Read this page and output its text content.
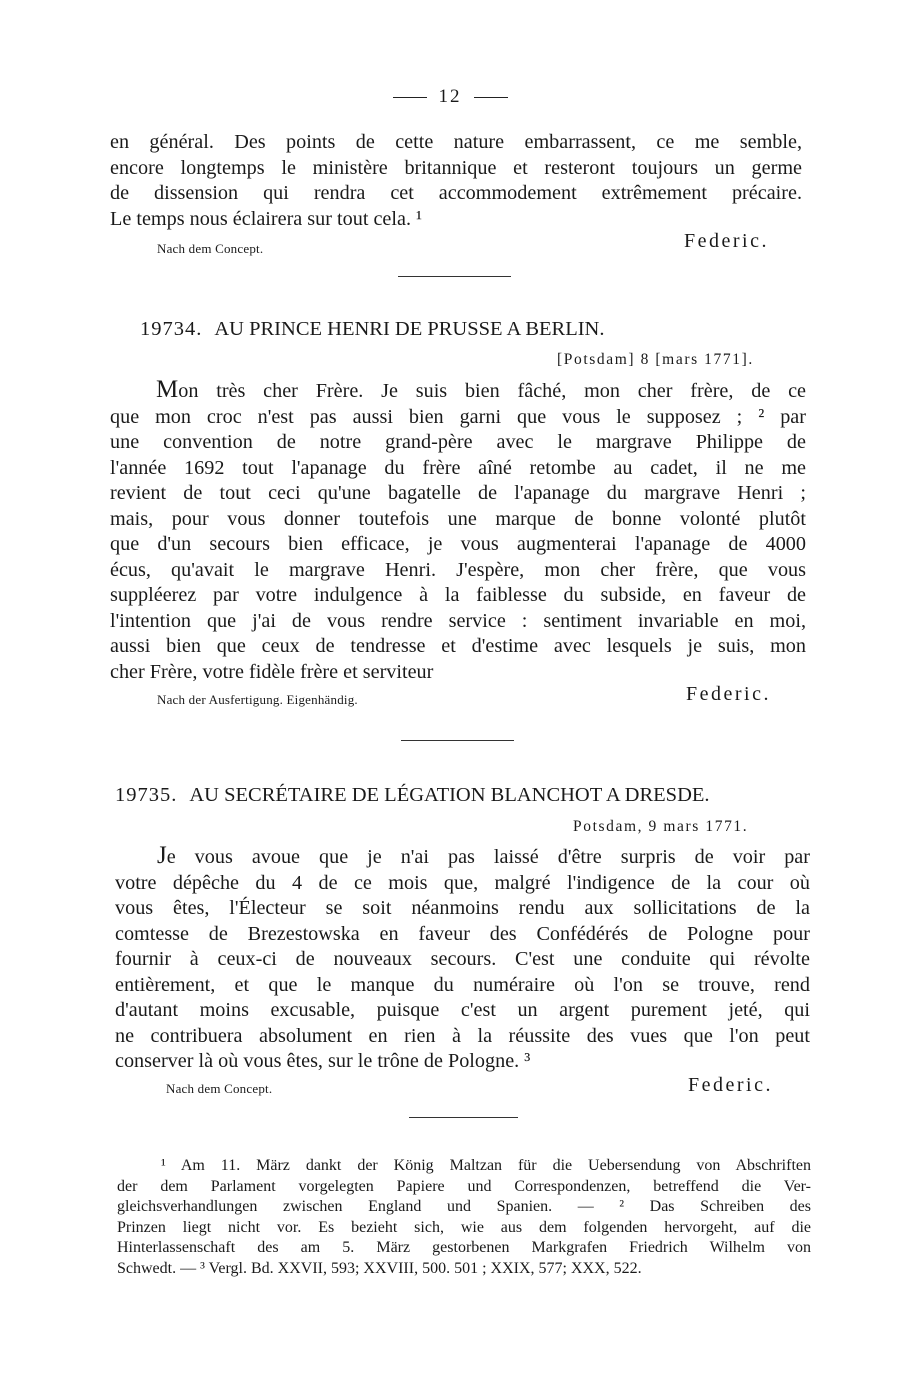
12
en général. Des points de cette nature embarrassent, ce me semble,
encore longtemps le ministère britannique et resteront toujours un germe
de dissension qui rendra cet accommodement extrêmement précaire.
Le temps nous éclairera sur tout cela. ¹
Nach dem Concept.	Federic.
19734. AU PRINCE HENRI DE PRUSSE A BERLIN.
[Potsdam] 8 [mars 1771].
Mon très cher Frère. Je suis bien fâché, mon cher frère, de ce
que mon croc n'est pas aussi bien garni que vous le supposez ; ² par
une convention de notre grand-père avec le margrave Philippe de
l'année 1692 tout l'apanage du frère aîné retombe au cadet, il ne me
revient de tout ceci qu'une bagatelle de l'apanage du margrave Henri ;
mais, pour vous donner toutefois une marque de bonne volonté plutôt
que d'un secours bien efficace, je vous augmenterai l'apanage de 4000
écus, qu'avait le margrave Henri. J'espère, mon cher frère, que vous
suppléerez par votre indulgence à la faiblesse du subside, en faveur de
l'intention que j'ai de vous rendre service : sentiment invariable en moi,
aussi bien que ceux de tendresse et d'estime avec lesquels je suis, mon
cher Frère, votre fidèle frère et serviteur
Nach der Ausfertigung. Eigenhändig.	Federic.
19735. AU SECRÉTAIRE DE LÉGATION BLANCHOT A DRESDE.
Potsdam, 9 mars 1771.
Je vous avoue que je n'ai pas laissé d'être surpris de voir par
votre dépêche du 4 de ce mois que, malgré l'indigence de la cour où
vous êtes, l'Électeur se soit néanmoins rendu aux sollicitations de la
comtesse de Brezestowska en faveur des Confédérés de Pologne pour
fournir à ceux-ci de nouveaux secours. C'est une conduite qui révolte
entièrement, et que le manque du numéraire où l'on se trouve, rend
d'autant moins excusable, puisque c'est un argent purement jeté, qui
ne contribuera absolument en rien à la réussite des vues que l'on peut
conserver là où vous êtes, sur le trône de Pologne. ³
Nach dem Concept.	Federic.
¹ Am 11. März dankt der König Maltzan für die Uebersendung von Abschriften
der dem Parlament vorgelegten Papiere und Correspondenzen, betreffend die Ver-
gleichsverhandlungen zwischen England und Spanien. — ² Das Schreiben des
Prinzen liegt nicht vor. Es bezieht sich, wie aus dem folgenden hervorgeht, auf die
Hinterlassenschaft des am 5. März gestorbenen Markgrafen Friedrich Wilhelm von
Schwedt. — ³ Vergl. Bd. XXVII, 593; XXVIII, 500. 501 ; XXIX, 577; XXX, 522.
